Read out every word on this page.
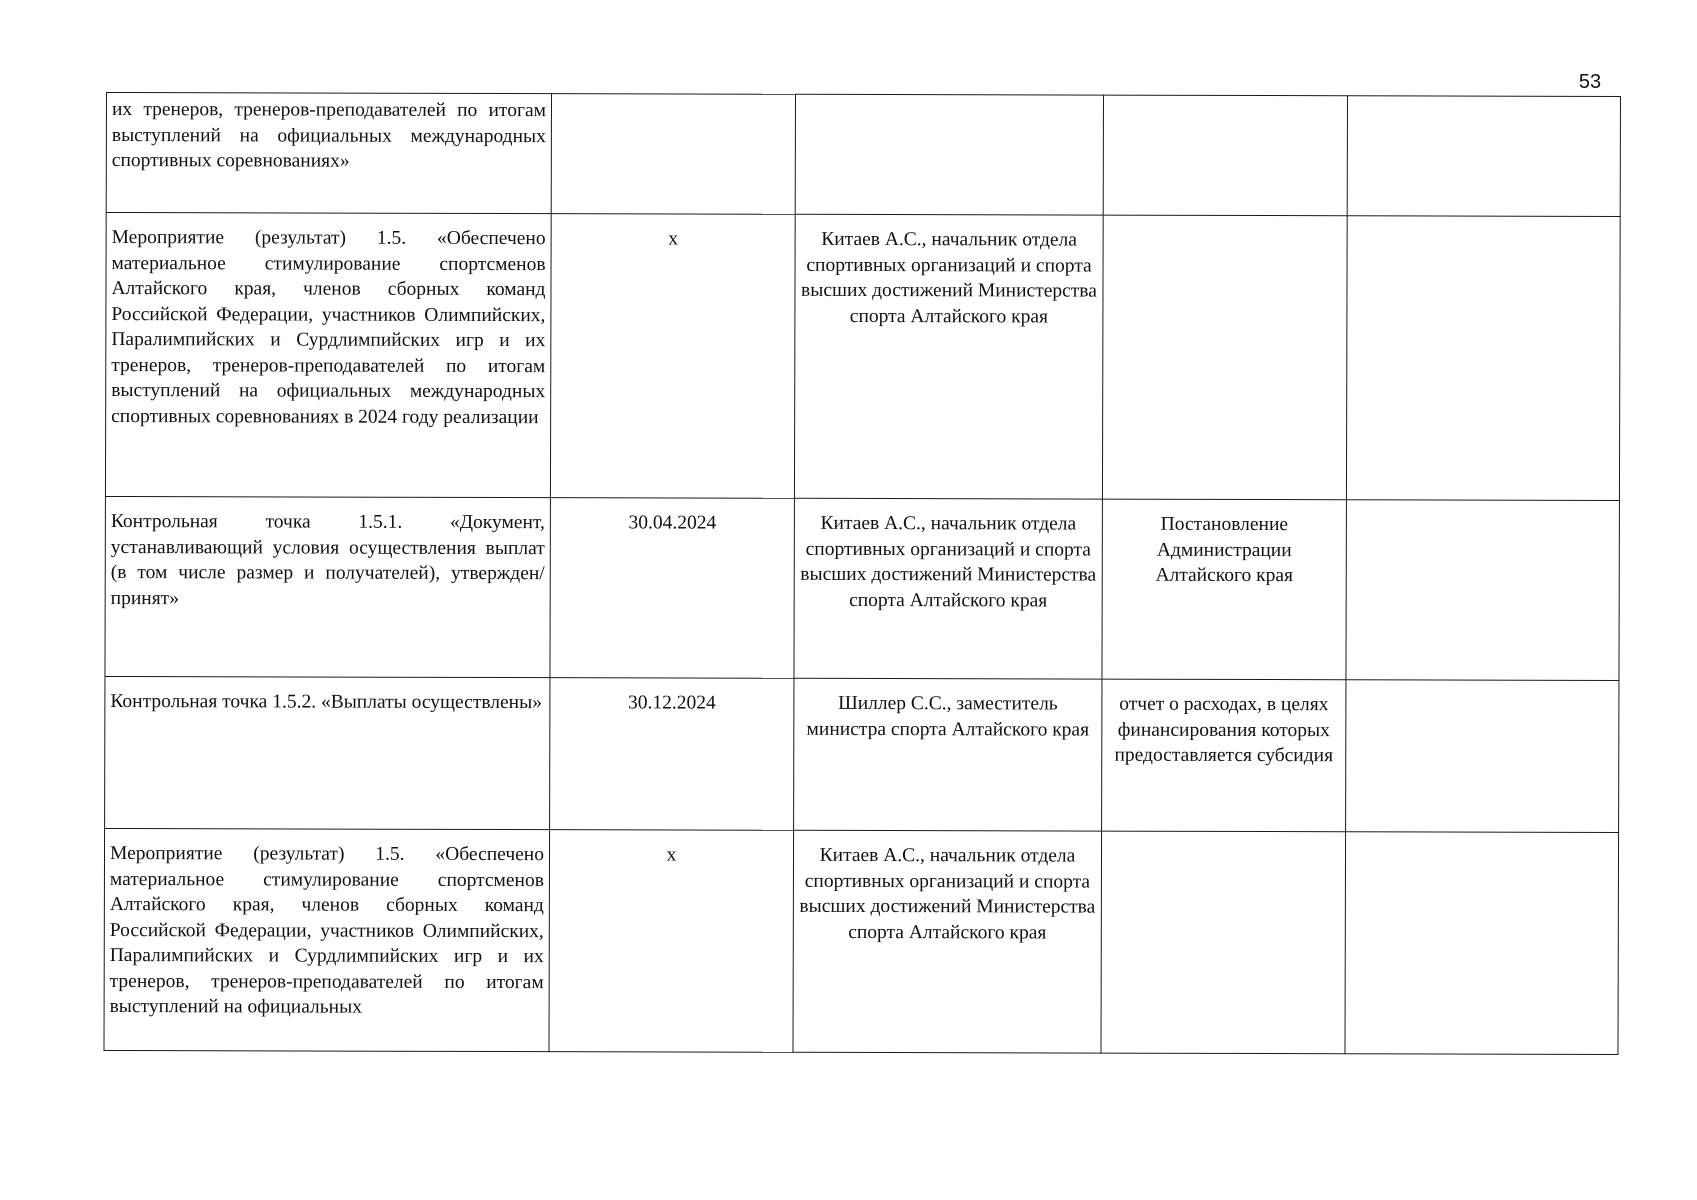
53
их тренеров, тренеров-преподавателей по итогам выступлений на официальных международных спортивных соревнованиях»				

Мероприятие (результат) 1.5. «Обеспечено материальное стимулирование спортсменов Алтайского края, членов сборных команд Российской Федерации, участников Олимпийских, Паралимпийских и Сурдлимпийских игр и их тренеров, тренеров-преподавателей по итогам выступлений на официальных международных спортивных соревнованиях в 2024 году реализации	x	Китаев А.С., начальник отдела спортивных организаций и спорта высших достижений Министерства спорта Алтайского края		

Контрольная точка 1.5.1. «Документ, устанавливающий условия осуществления выплат (в том числе размер и получателей), утвержден/принят»	30.04.2024	Китаев А.С., начальник отдела спортивных организаций и спорта высших достижений Министерства спорта Алтайского края	Постановление Администрации Алтайского края	

Контрольная точка 1.5.2. «Выплаты осуществлены»	30.12.2024	Шиллер С.С., заместитель министра спорта Алтайского края	отчет о расходах, в целях финансирования которых предоставляется субсидия	

Мероприятие (результат) 1.5. «Обеспечено материальное стимулирование спортсменов Алтайского края, членов сборных команд Российской Федерации, участников Олимпийских, Паралимпийских и Сурдлимпийских игр и их тренеров, тренеров-преподавателей по итогам выступлений на официальных	x	Китаев А.С., начальник отдела спортивных организаций и спорта высших достижений Министерства спорта Алтайского края		
